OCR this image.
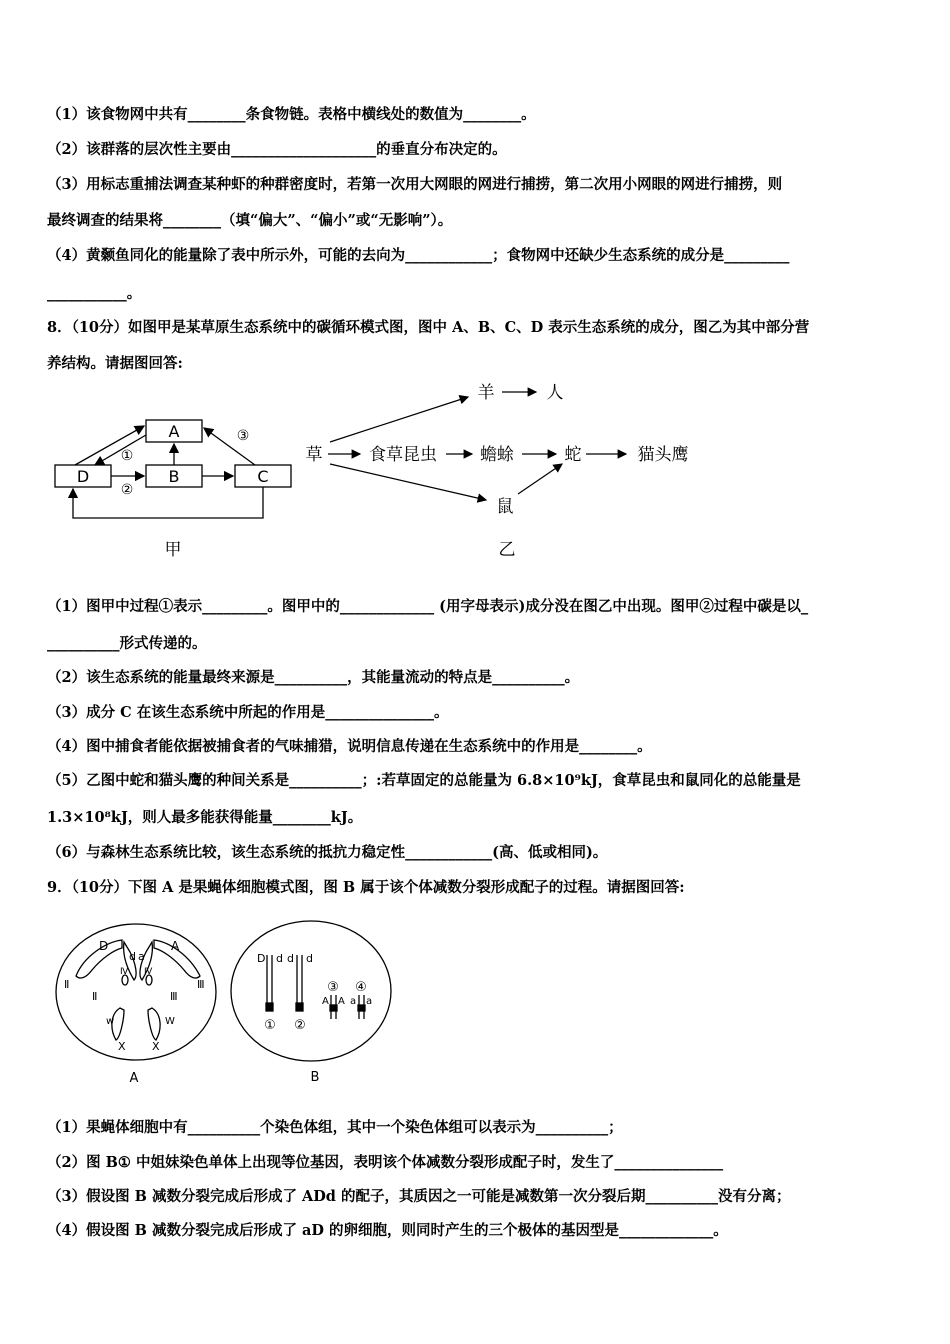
（1）该食物网中共有________条食物链。表格中横线处的数值为________。
（2）该群落的层次性主要由____________________的垂直分布决定的。
（3）用标志重捕法调查某种虾的种群密度时，若第一次用大网眼的网进行捕捞，第二次用小网眼的网进行捕捞，则
最终调查的结果将________（填“偏大”、“偏小”或“无影响”）。
（4）黄颡鱼同化的能量除了表中所示外，可能的去向为____________；食物网中还缺少生态系统的成分是_________
___________。
8．（10分）如图甲是某草原生态系统中的碳循环模式图，图中 A、B、C、D 表示生态系统的成分，图乙为其中部分营
养结构。请据图回答:
A
B	C
D
①
②
③
甲
草	食草昆虫	蟾蜍	蛇	猫头鹰
羊	人
鼠
乙
（1）图甲中过程①表示_________。图甲中的_____________ (用字母表示)成分没在图乙中出现。图甲②过程中碳是以_
__________形式传递的。
（2）该生态系统的能量最终来源是__________，其能量流动的特点是__________。
（3）成分 C 在该生态系统中所起的作用是_______________。
（4）图中捕食者能依据被捕食者的气味捕猎，说明信息传递在生态系统中的作用是________。
（5）乙图中蛇和猫头鹰的种间关系是__________；:若草固定的总能量为 6.8×10⁹kJ，食草昆虫和鼠同化的总能量是
1.3×10⁸kJ，则人最多能获得能量________kJ。
（6）与森林生态系统比较，该生态系统的抵抗力稳定性____________(高、低或相同)。
9．（10分）下图 A 是果蝇体细胞模式图，图 B 属于该个体减数分裂形成配子的过程。请据图回答:
D	A
d a
Ⅱ
Ⅱ	Ⅲ
Ⅲ
Ⅳ Ⅳ
w	W
X X
A
D d d d
A A a a
① ②
③ ④
B
（1）果蝇体细胞中有__________个染色体组，其中一个染色体组可以表示为__________；
（2）图 B① 中姐妹染色单体上出现等位基因，表明该个体减数分裂形成配子时，发生了_______________
（3）假设图 B 减数分裂完成后形成了 ADd 的配子，其质因之一可能是减数第一次分裂后期__________没有分离；
（4）假设图 B 减数分裂完成后形成了 aD 的卵细胞，则同时产生的三个极体的基因型是_____________。
